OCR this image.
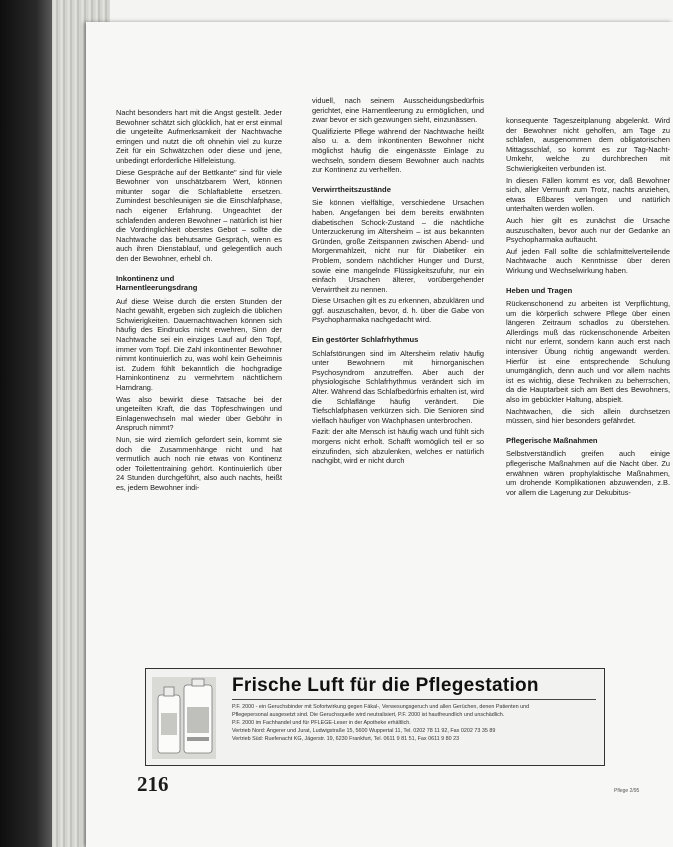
Nacht besonders hart mit die Angst gestellt. Jeder Bewohner schätzt sich glücklich, hat er erst einmal die ungeteilte Aufmerksamkeit der Nachtwache erringen und nutzt die oft ohnehin viel zu kurze Zeit für ein Schwätzchen oder diese und jene, unbedingt erforderliche Hilfeleistung.

Diese Gespräche auf der Bettkante" sind für viele Bewohner von unschätzbarem Wert, können mitunter sogar die Schlaftablette ersetzen. Zumindest beschleunigen sie die Einschlafphase, nach eigener Erfahrung. Ungeachtet der schlafenden anderen Bewohner – natürlich ist hier die Vordringlichkeit oberstes Gebot – sollte die Nachtwache das behutsame Gespräch, wenn es auch ihren Dienstablauf, und gelegentlich auch den der Bewohner, erhebl ch.

Inkontinenz und
Harnentleerungsdrang

Auf diese Weise durch die ersten Stunden der Nacht gewählt, ergeben sich zugleich die üblichen Schwierigkeiten. Dauernachtwachen können sich häufig des Eindrucks nicht erwehren, Sinn der Nachtwache sei ein einziges Lauf auf den Topf, immer vom Topf. Die Zahl inkontinenter Bewohner nimmt kontinuierlich zu, was wohl kein Geheimnis ist. Zudem fühlt bekanntlich die hochgradige Harninkontinenz zu vermehrtem nächtlichem Harndrang.

Was also bewirkt diese Tatsache bei der ungeteilten Kraft, die das Töpfeschwingen und Einlagenwechseln mal wieder über Gebühr in Anspruch nimmt?

Nun, sie wird ziemlich gefordert sein, kommt sie doch die Zusammenhänge nicht und hat vermutlich auch noch nie etwas von Kontinenz oder Toilettentraining gehört. Kontinuierlich über 24 Stunden durchgeführt, also auch nachts, heißt es, jedem Bewohner indi-

viduell, nach seinem Ausscheidungsbedürfnis gerichtet, eine Harnentleerung zu ermöglichen, und zwar bevor er sich gezwungen sieht, einzunässen.

Qualifizierte Pflege während der Nachtwache heißt also u. a. dem inkontinenten Bewohner nicht möglichst häufig die eingenässte Einlage zu wechseln, sondern diesem Bewohner auch nachts zur Kontinenz zu verhelfen.

Verwirrtheitszustände

Sie können vielfältige, verschiedene Ursachen haben. Angefangen bei dem bereits erwähnten diabetischen Schock-Zustand – die nächtliche Unterzuckerung im Altersheim – ist aus bekannten Gründen, große Zeitspannen zwischen Abend- und Morgenmahlzeit, nicht nur für Diabetiker ein Problem, sondern nächtlicher Hunger und Durst, sowie eine mangelnde Flüssigkeitszufuhr, nur ein einfach Ursachen älterer, vorübergehender Verwirrtheit zu nennen.

Diese Ursachen gilt es zu erkennen, abzuklären und ggf. auszuschalten, bevor, d. h. über die Gabe von Psychopharmaka nachgedacht wird.

Ein gestörter Schlafrhythmus

Schlafstörungen sind im Altersheim relativ häufig unter Bewohnern mit hirnorganischen Psychosyndrom anzutreffen. Aber auch der physiologische Schlafrhythmus verändert sich im Alter. Während das Schlafbedürfnis erhalten ist, wird die Schlaflänge häufig verändert. Die Tiefschlafphasen verkürzen sich. Die Senioren sind vielfach häufiger von Wachphasen unterbrochen.

Fazit: der alte Mensch ist häufig wach und fühlt sich morgens nicht erholt. Schafft womöglich teil er so einzufinden, sich abzulenken, welches er natürlich nachgibt, wird er nicht durch

konsequente Tageszeitplanung abgelenkt. Wird der Bewohner nicht geholfen, am Tage zu schlafen, ausgenommen dem obligatorischen Mittagsschlaf, so kommt es zur Tag-Nacht-Umkehr, welche zu durchbrechen mit Schwierigkeiten verbunden ist.

In diesen Fällen kommt es vor, daß Bewohner sich, aller Vernunft zum Trotz, nachts anziehen, etwas Eßbares verlangen und natürlich unterhalten werden wollen.

Auch hier gilt es zunächst die Ursache auszuschalten, bevor auch nur der Gedanke an Psychopharmaka auftaucht.

Auf jeden Fall sollte die schlafmittelverteilende Nachtwache auch Kenntnisse über deren Wirkung und Wechselwirkung haben.

Heben und Tragen

Rückenschonend zu arbeiten ist Verpflichtung, um die körperlich schwere Pflege über einen längeren Zeitraum schadlos zu überstehen. Allerdings muß das rückenschonende Arbeiten nicht nur erlernt, sondern kann auch erst nach intensiver Übung richtig angewandt werden. Hierfür ist eine entsprechende Schulung unumgänglich, denn auch und vor allem nachts ist es wichtig, diese Techniken zu beherrschen, da die Hauptarbeit sich am Bett des Bewohners, also im gebückter Haltung, abspielt.

Nachtwachen, die sich allein durchsetzen müssen, sind hier besonders gefährdet.

Pflegerische Maßnahmen

Selbstverständlich greifen auch einige pflegerische Maßnahmen auf die Nacht über. Zu erwähnen wären prophylaktische Maßnahmen, um drohende Komplikationen abzuwenden, z.B. vor allem die Lagerung zur Dekubitus-

Frische Luft für die Pflegestation

P.F. 2000 - ein Geruchsbinder mit Sofortwirkung gegen Fäkal-, Verwesungsgeruch und allen Gerüchen, denen Patienten und

Pflegepersonal ausgesetzt sind. Die Geruchsquelle wird neutralisiert, P.F. 2000 ist hautfreundlich und unschädlich.

P.F. 2000 im Fachhandel und für PFLEGE-Leser in der Apotheke erhältlich.

Vertrieb Nord: Angerer und Jurat, Ludwigstraße 15, 5600 Wuppertal 11, Tel. 0202 78 11 92, Fax 0202 73 35 89

Vertrieb Süd: Ruefenacht KG, Jägerstr. 19, 6230 Frankfurt, Tel. 0611 9 81 51, Fax 0611 9 80 23

216	Pflege 2/95
